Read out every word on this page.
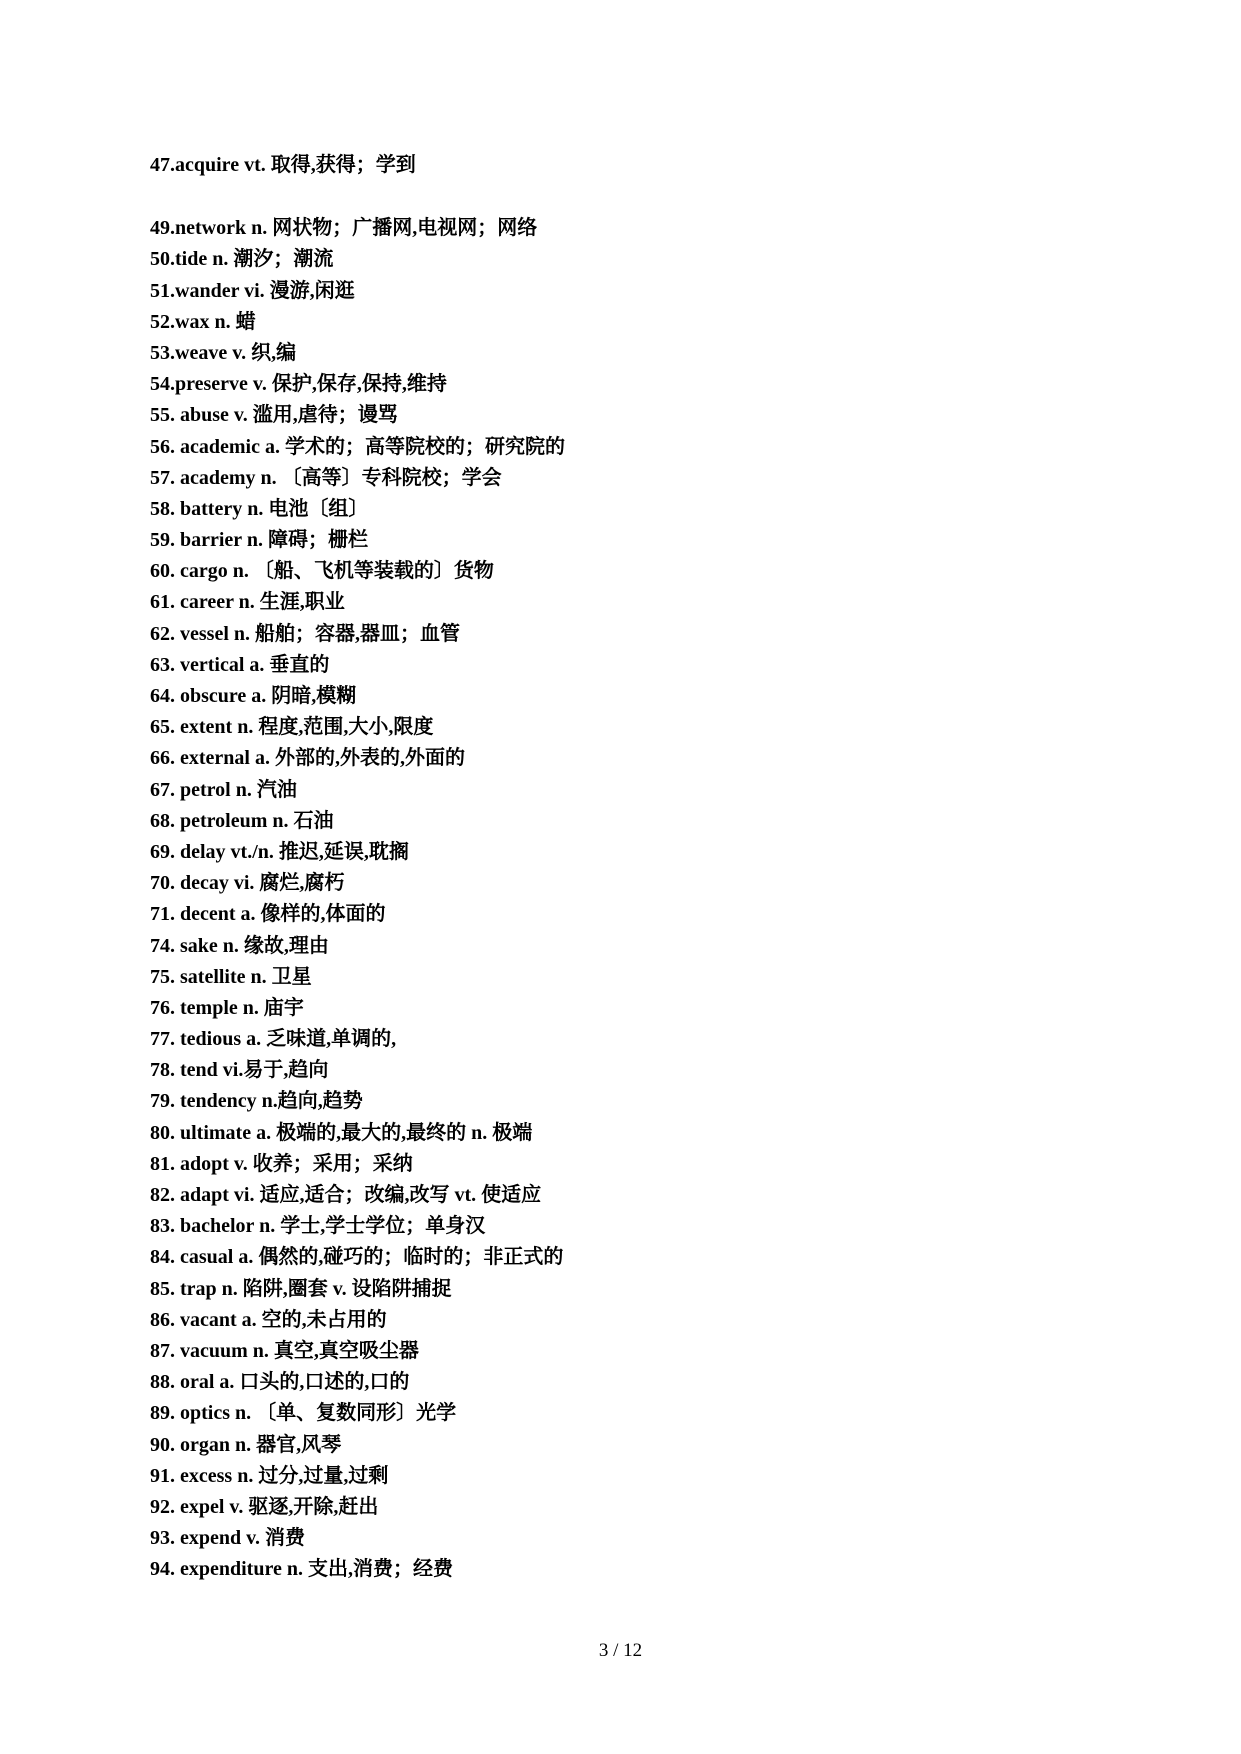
47.acquire vt. 取得,获得；学到
49.network n. 网状物；广播网,电视网；网络
50.tide n. 潮汐；潮流
51.wander vi. 漫游,闲逛
52.wax n. 蜡
53.weave v. 织,编
54.preserve v. 保护,保存,保持,维持
55. abuse v. 滥用,虐待；谩骂
56. academic a. 学术的；高等院校的；研究院的
57. academy n. 〔高等〕专科院校；学会
58. battery n. 电池〔组〕
59. barrier n. 障碍；栅栏
60. cargo n. 〔船、飞机等装载的〕货物
61. career n. 生涯,职业
62. vessel n. 船舶；容器,器皿；血管
63. vertical a. 垂直的
64. obscure a. 阴暗,模糊
65. extent n. 程度,范围,大小,限度
66. external a. 外部的,外表的,外面的
67. petrol n. 汽油
68. petroleum n. 石油
69. delay vt./n. 推迟,延误,耽搁
70. decay vi. 腐烂,腐朽
71. decent a. 像样的,体面的
74. sake n. 缘故,理由
75. satellite n. 卫星
76. temple n. 庙宇
77. tedious a. 乏味道,单调的,
78. tend vi.易于,趋向
79. tendency n.趋向,趋势
80. ultimate a. 极端的,最大的,最终的 n. 极端
81. adopt v. 收养；采用；采纳
82. adapt vi. 适应,适合；改编,改写 vt. 使适应
83. bachelor n. 学士,学士学位；单身汉
84. casual a. 偶然的,碰巧的；临时的；非正式的
85. trap n. 陷阱,圈套 v. 设陷阱捕捉
86. vacant a. 空的,未占用的
87. vacuum n. 真空,真空吸尘器
88. oral a. 口头的,口述的,口的
89. optics n. 〔单、复数同形〕光学
90. organ n. 器官,风琴
91. excess n. 过分,过量,过剩
92. expel v. 驱逐,开除,赶出
93. expend v. 消费
94. expenditure n. 支出,消费；经费
3 / 12
